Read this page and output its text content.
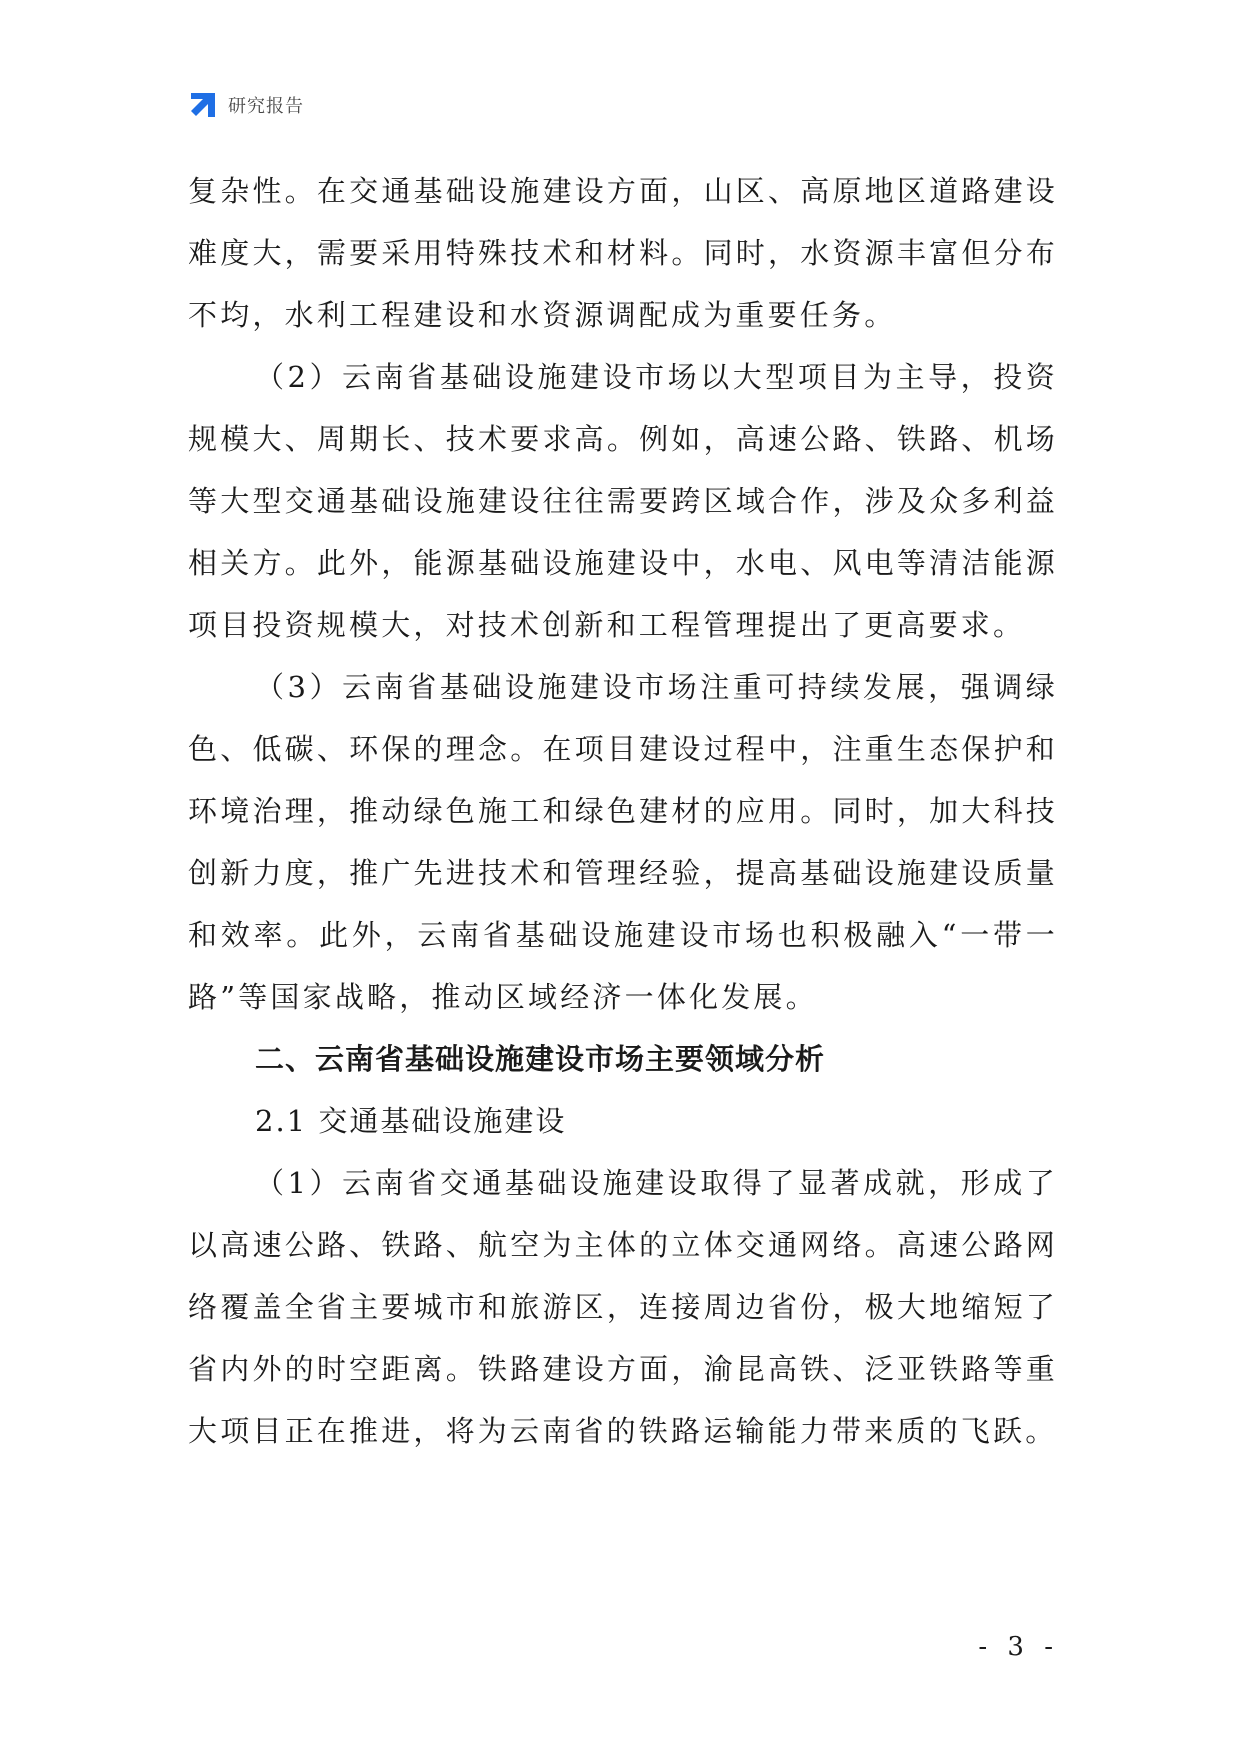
研究报告

复杂性。在交通基础设施建设方面，山区、高原地区道路建设难度大，需要采用特殊技术和材料。同时，水资源丰富但分布不均，水利工程建设和水资源调配成为重要任务。

（2）云南省基础设施建设市场以大型项目为主导，投资规模大、周期长、技术要求高。例如，高速公路、铁路、机场等大型交通基础设施建设往往需要跨区域合作，涉及众多利益相关方。此外，能源基础设施建设中，水电、风电等清洁能源项目投资规模大，对技术创新和工程管理提出了更高要求。

（3）云南省基础设施建设市场注重可持续发展，强调绿色、低碳、环保的理念。在项目建设过程中，注重生态保护和环境治理，推动绿色施工和绿色建材的应用。同时，加大科技创新力度，推广先进技术和管理经验，提高基础设施建设质量和效率。此外，云南省基础设施建设市场也积极融入“一带一路”等国家战略，推动区域经济一体化发展。

二、云南省基础设施建设市场主要领域分析

2.1 交通基础设施建设

（1）云南省交通基础设施建设取得了显著成就，形成了以高速公路、铁路、航空为主体的立体交通网络。高速公路网络覆盖全省主要城市和旅游区，连接周边省份，极大地缩短了省内外的时空距离。铁路建设方面，渝昆高铁、泛亚铁路等重大项目正在推进，将为云南省的铁路运输能力带来质的飞跃。

- 3 -
